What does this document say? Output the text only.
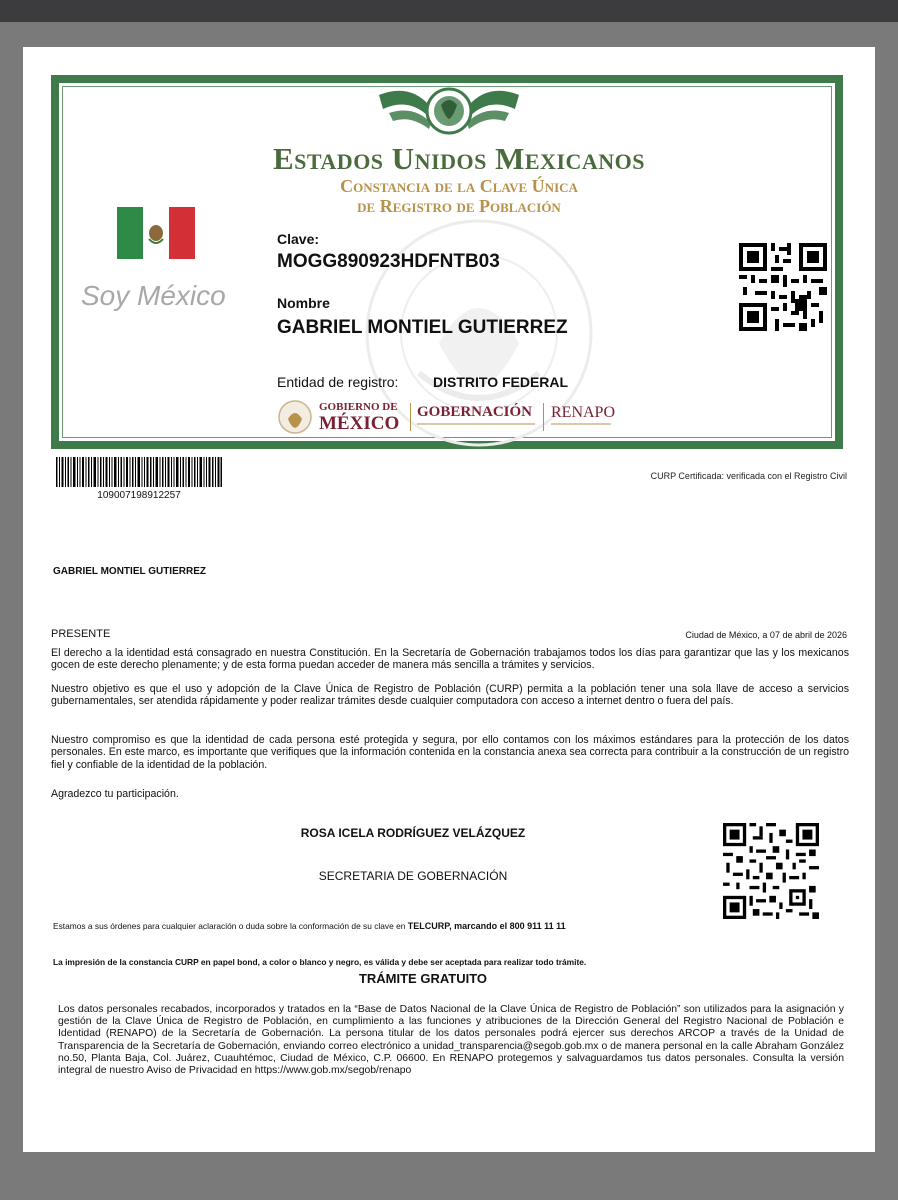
Estados Unidos Mexicanos
Constancia de la Clave Única
de Registro de Población
Soy México
Clave:
MOGG890923HDFNTB03
Nombre
GABRIEL MONTIEL GUTIERREZ
Entidad de registro: DISTRITO FEDERAL
GOBIERNO DE
MÉXICO
GOBERNACIÓN RENAPO
109007198912257
CURP Certificada: verificada con el Registro Civil
GABRIEL MONTIEL GUTIERREZ
PRESENTE	Ciudad de México, a 07 de abril de 2026

El derecho a la identidad está consagrado en nuestra Constitución. En la Secretaría de Gobernación trabajamos todos los días para garantizar que las y los mexicanos gocen de este derecho plenamente; y de esta forma puedan acceder de manera más sencilla a trámites y servicios.

Nuestro objetivo es que el uso y adopción de la Clave Única de Registro de Población (CURP) permita a la población tener una sola llave de acceso a servicios gubernamentales, ser atendida rápidamente y poder realizar trámites desde cualquier computadora con acceso a internet dentro o fuera del país.

Nuestro compromiso es que la identidad de cada persona esté protegida y segura, por ello contamos con los máximos estándares para la protección de los datos personales. En este marco, es importante que verifiques que la información contenida en la constancia anexa sea correcta para contribuir a la construcción de un registro fiel y confiable de la identidad de la población.

Agradezco tu participación.

ROSA ICELA RODRÍGUEZ VELÁZQUEZ
SECRETARIA DE GOBERNACIÓN
Estamos a sus órdenes para cualquier aclaración o duda sobre la conformación de su clave en TELCURP, marcando el 800 911 11 11
La impresión de la constancia CURP en papel bond, a color o blanco y negro, es válida y debe ser aceptada para realizar todo trámite.
TRÁMITE GRATUITO

Los datos personales recabados, incorporados y tratados en la “Base de Datos Nacional de la Clave Única de Registro de Población” son utilizados para la asignación y gestión de la Clave Única de Registro de Población, en cumplimiento a las funciones y atribuciones de la Dirección General del Registro Nacional de Población e Identidad (RENAPO) de la Secretaría de Gobernación. La persona titular de los datos personales podrá ejercer sus derechos ARCOP a través de la Unidad de Transparencia de la Secretaría de Gobernación, enviando correo electrónico a unidad_transparencia@segob.gob.mx o de manera personal en la calle Abraham González no.50, Planta Baja, Col. Juárez, Cuauhtémoc, Ciudad de México, C.P. 06600. En RENAPO protegemos y salvaguardamos tus datos personales. Consulta la versión integral de nuestro Aviso de Privacidad en https://www.gob.mx/segob/renapo
